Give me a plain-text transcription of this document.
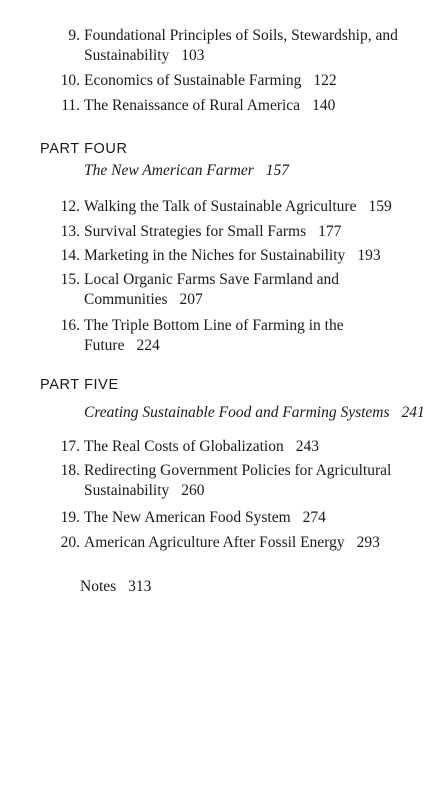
9. Foundational Principles of Soils, Stewardship, and Sustainability 103
10. Economics of Sustainable Farming 122
11. The Renaissance of Rural America 140
PART FOUR
The New American Farmer 157
12. Walking the Talk of Sustainable Agriculture 159
13. Survival Strategies for Small Farms 177
14. Marketing in the Niches for Sustainability 193
15. Local Organic Farms Save Farmland and Communities 207
16. The Triple Bottom Line of Farming in the Future 224
PART FIVE
Creating Sustainable Food and Farming Systems 241
17. The Real Costs of Globalization 243
18. Redirecting Government Policies for Agricultural Sustainability 260
19. The New American Food System 274
20. American Agriculture After Fossil Energy 293
Notes 313
